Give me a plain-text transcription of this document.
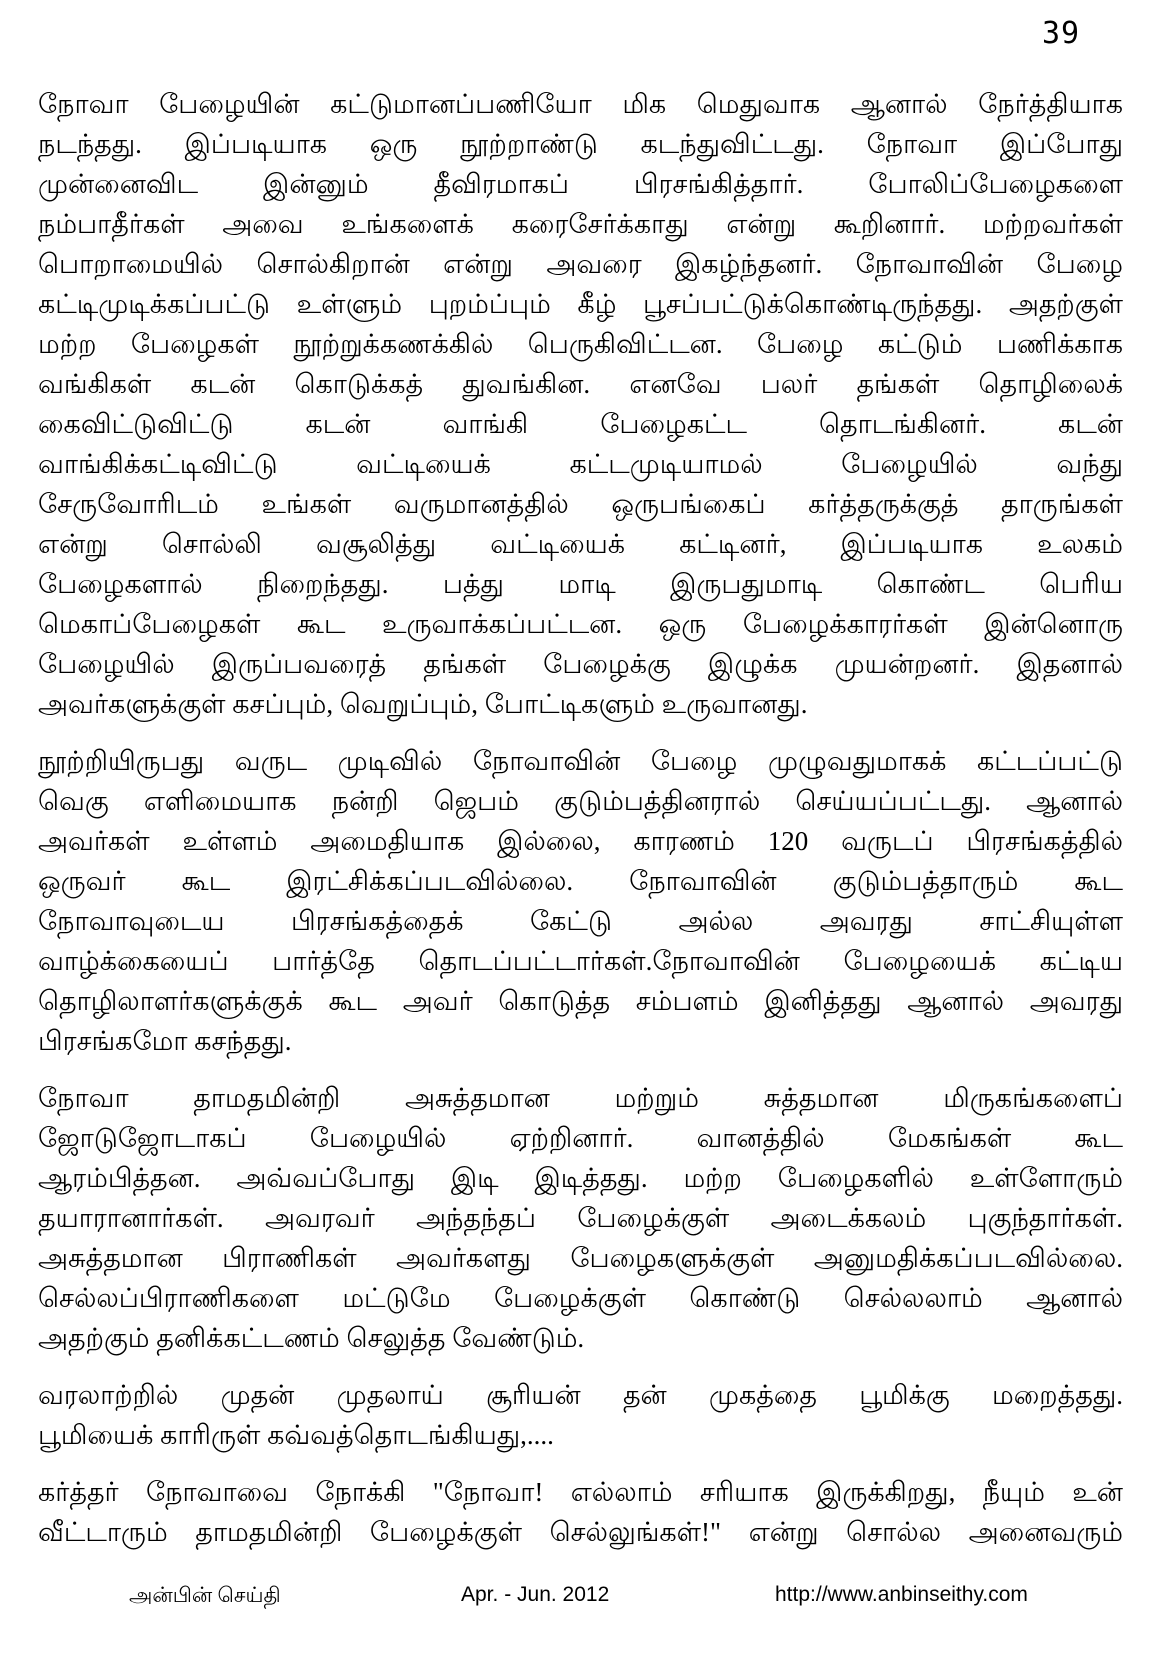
39
நோவா பேழையின் கட்டுமானப்பணியோ மிக மெதுவாக ஆனால் நேர்த்தியாக
நடந்தது. இப்படியாக ஒரு நூற்றாண்டு கடந்துவிட்டது. நோவா இப்போது
முன்னைவிட இன்னும் தீவிரமாகப் பிரசங்கித்தார். போலிப்பேழைகளை
நம்பாதீர்கள் அவை உங்களைக் கரைசேர்க்காது என்று கூறினார். மற்றவர்கள்
பொறாமையில் சொல்கிறான் என்று அவரை இகழ்ந்தனர். நோவாவின் பேழை
கட்டிமுடிக்கப்பட்டு உள்ளும் புறம்ப்பும் கீழ் பூசப்பட்டுக்கொண்டிருந்தது. அதற்குள்
மற்ற பேழைகள் நூற்றுக்கணக்கில் பெருகிவிட்டன. பேழை கட்டும் பணிக்காக
வங்கிகள் கடன் கொடுக்கத் துவங்கின. எனவே பலர் தங்கள் தொழிலைக்
கைவிட்டுவிட்டு கடன் வாங்கி பேழைகட்ட தொடங்கினர். கடன்
வாங்கிக்கட்டிவிட்டு வட்டியைக் கட்டமுடியாமல் பேழையில் வந்து
சேருவோரிடம் உங்கள் வருமானத்தில் ஒருபங்கைப் கர்த்தருக்குத் தாருங்கள்
என்று சொல்லி வசூலித்து வட்டியைக் கட்டினர், இப்படியாக உலகம்
பேழைகளால் நிறைந்தது. பத்து மாடி இருபதுமாடி கொண்ட பெரிய
மெகாப்பேழைகள் கூட உருவாக்கப்பட்டன. ஒரு பேழைக்காரர்கள் இன்னொரு
பேழையில் இருப்பவரைத் தங்கள் பேழைக்கு இழுக்க முயன்றனர். இதனால்
அவர்களுக்குள் கசப்பும், வெறுப்பும், போட்டிகளும் உருவானது.
நூற்றியிருபது வருட முடிவில் நோவாவின் பேழை முழுவதுமாகக் கட்டப்பட்டு
வெகு எளிமையாக நன்றி ஜெபம் குடும்பத்தினரால் செய்யப்பட்டது. ஆனால்
அவர்கள் உள்ளம் அமைதியாக இல்லை, காரணம் 120 வருடப் பிரசங்கத்தில்
ஒருவர் கூட இரட்சிக்கப்படவில்லை. நோவாவின் குடும்பத்தாரும் கூட
நோவாவுடைய பிரசங்கத்தைக் கேட்டு அல்ல அவரது சாட்சியுள்ள
வாழ்க்கையைப் பார்த்தே தொடப்பட்டார்கள்.நோவாவின் பேழையைக் கட்டிய
தொழிலாளர்களுக்குக் கூட அவர் கொடுத்த சம்பளம் இனித்தது ஆனால் அவரது
பிரசங்கமோ கசந்தது.
நோவா தாமதமின்றி அசுத்தமான மற்றும் சுத்தமான மிருகங்களைப்
ஜோடுஜோடாகப் பேழையில் ஏற்றினார். வானத்தில் மேகங்கள் கூட
ஆரம்பித்தன. அவ்வப்போது இடி இடித்தது. மற்ற பேழைகளில் உள்ளோரும்
தயாரானார்கள். அவரவர் அந்தந்தப் பேழைக்குள் அடைக்கலம் புகுந்தார்கள்.
அசுத்தமான பிராணிகள் அவர்களது பேழைகளுக்குள் அனுமதிக்கப்படவில்லை.
செல்லப்பிராணிகளை மட்டுமே பேழைக்குள் கொண்டு செல்லலாம் ஆனால்
அதற்கும் தனிக்கட்டணம் செலுத்த வேண்டும்.
வரலாற்றில் முதன் முதலாய் சூரியன் தன் முகத்தை பூமிக்கு மறைத்தது.
பூமியைக் காரிருள் கவ்வத்தொடங்கியது,....
கர்த்தர் நோவாவை நோக்கி "நோவா! எல்லாம் சரியாக இருக்கிறது, நீயும் உன்
வீட்டாரும் தாமதமின்றி பேழைக்குள் செல்லுங்கள்!" என்று சொல்ல அனைவரும்
அன்பின் செய்தி	Apr. - Jun. 2012	http://www.anbinseithy.com
